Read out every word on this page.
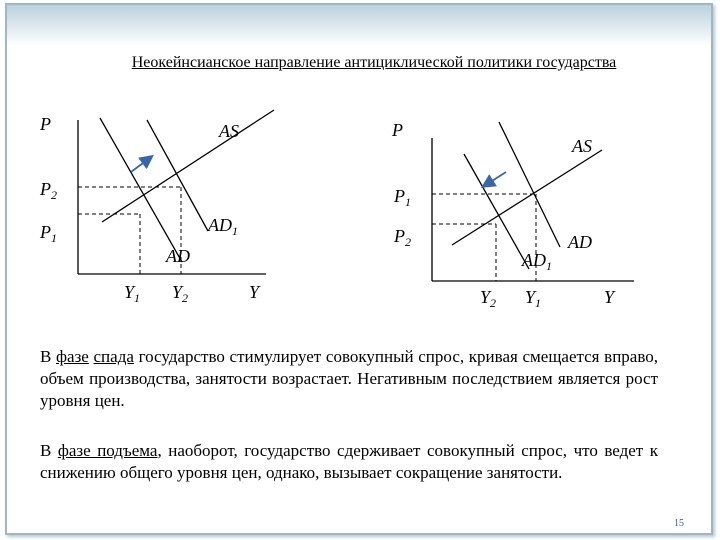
Неокейнсианское направление антициклической политики государства
P	AS
$P_2$
$P_1$
$AD_1$
AD
$Y_1$ $Y_2$	Y
P
AS
$P_1$
$P_2$	AD
$AD_1$
$Y_2$ $Y_1$	Y
В фазе спада государство стимулирует совокупный спрос, кривая смещается вправо, объем производства, занятости возрастает. Негативным последствием является рост уровня цен.
В фазе подъема, наоборот, государство сдерживает совокупный спрос, что ведет к снижению общего уровня цен, однако, вызывает сокращение занятости.
15
